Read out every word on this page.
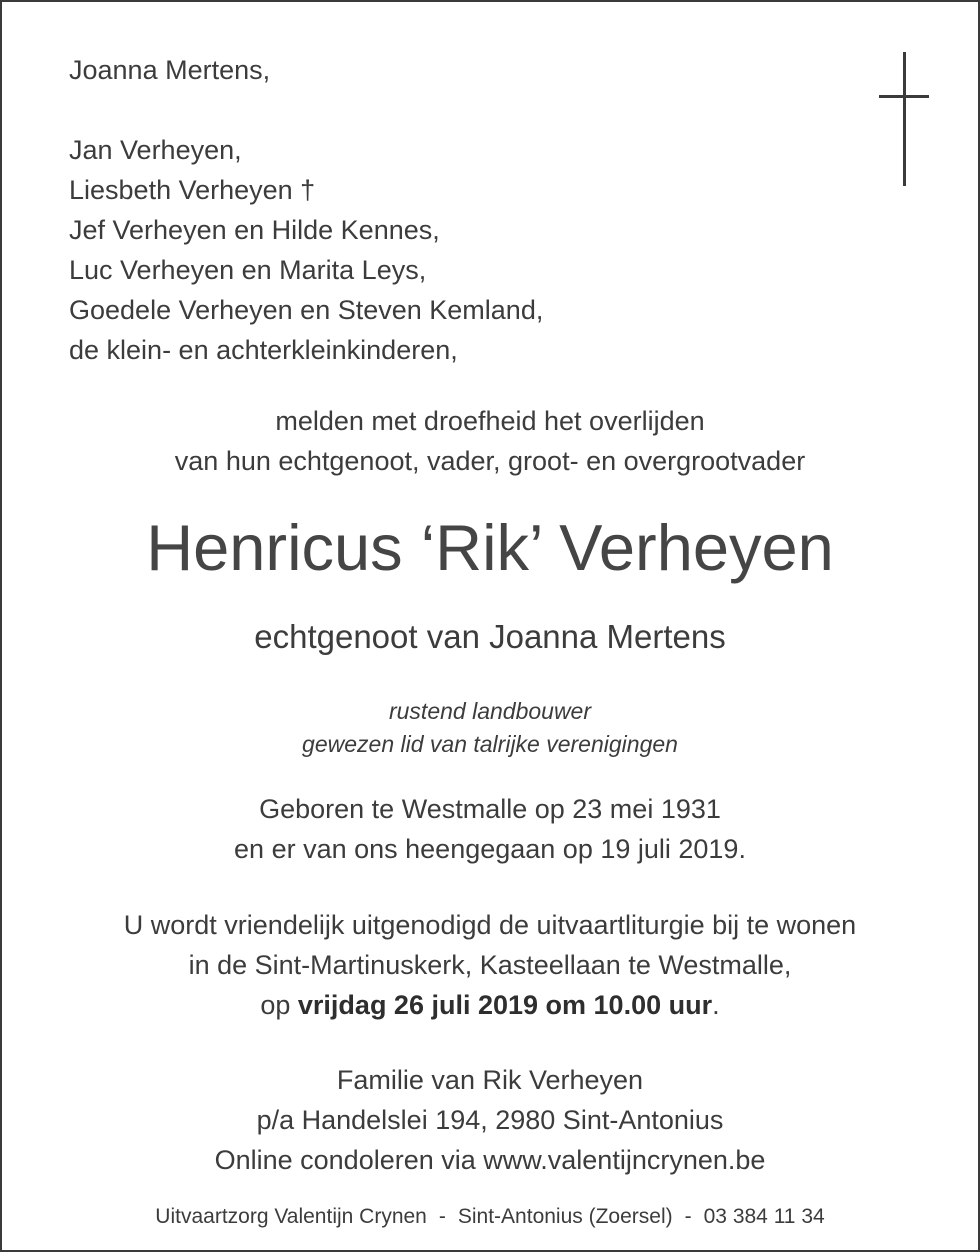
Joanna Mertens,
Jan Verheyen,
Liesbeth Verheyen †
Jef Verheyen en Hilde Kennes,
Luc Verheyen en Marita Leys,
Goedele Verheyen en Steven Kemland,
de klein- en achterkleinkinderen,
melden met droefheid het overlijden
van hun echtgenoot, vader, groot- en overgrootvader
Henricus ‘Rik’ Verheyen
echtgenoot van Joanna Mertens
rustend landbouwer
gewezen lid van talrijke verenigingen
Geboren te Westmalle op 23 mei 1931
en er van ons heengegaan op 19 juli 2019.
U wordt vriendelijk uitgenodigd de uitvaartliturgie bij te wonen
in de Sint-Martinuskerk, Kasteellaan te Westmalle,
op vrijdag 26 juli 2019 om 10.00 uur.
Familie van Rik Verheyen
p/a Handelslei 194, 2980 Sint-Antonius
Online condoleren via www.valentijncrynen.be
Uitvaartzorg Valentijn Crynen - Sint-Antonius (Zoersel) - 03 384 11 34
